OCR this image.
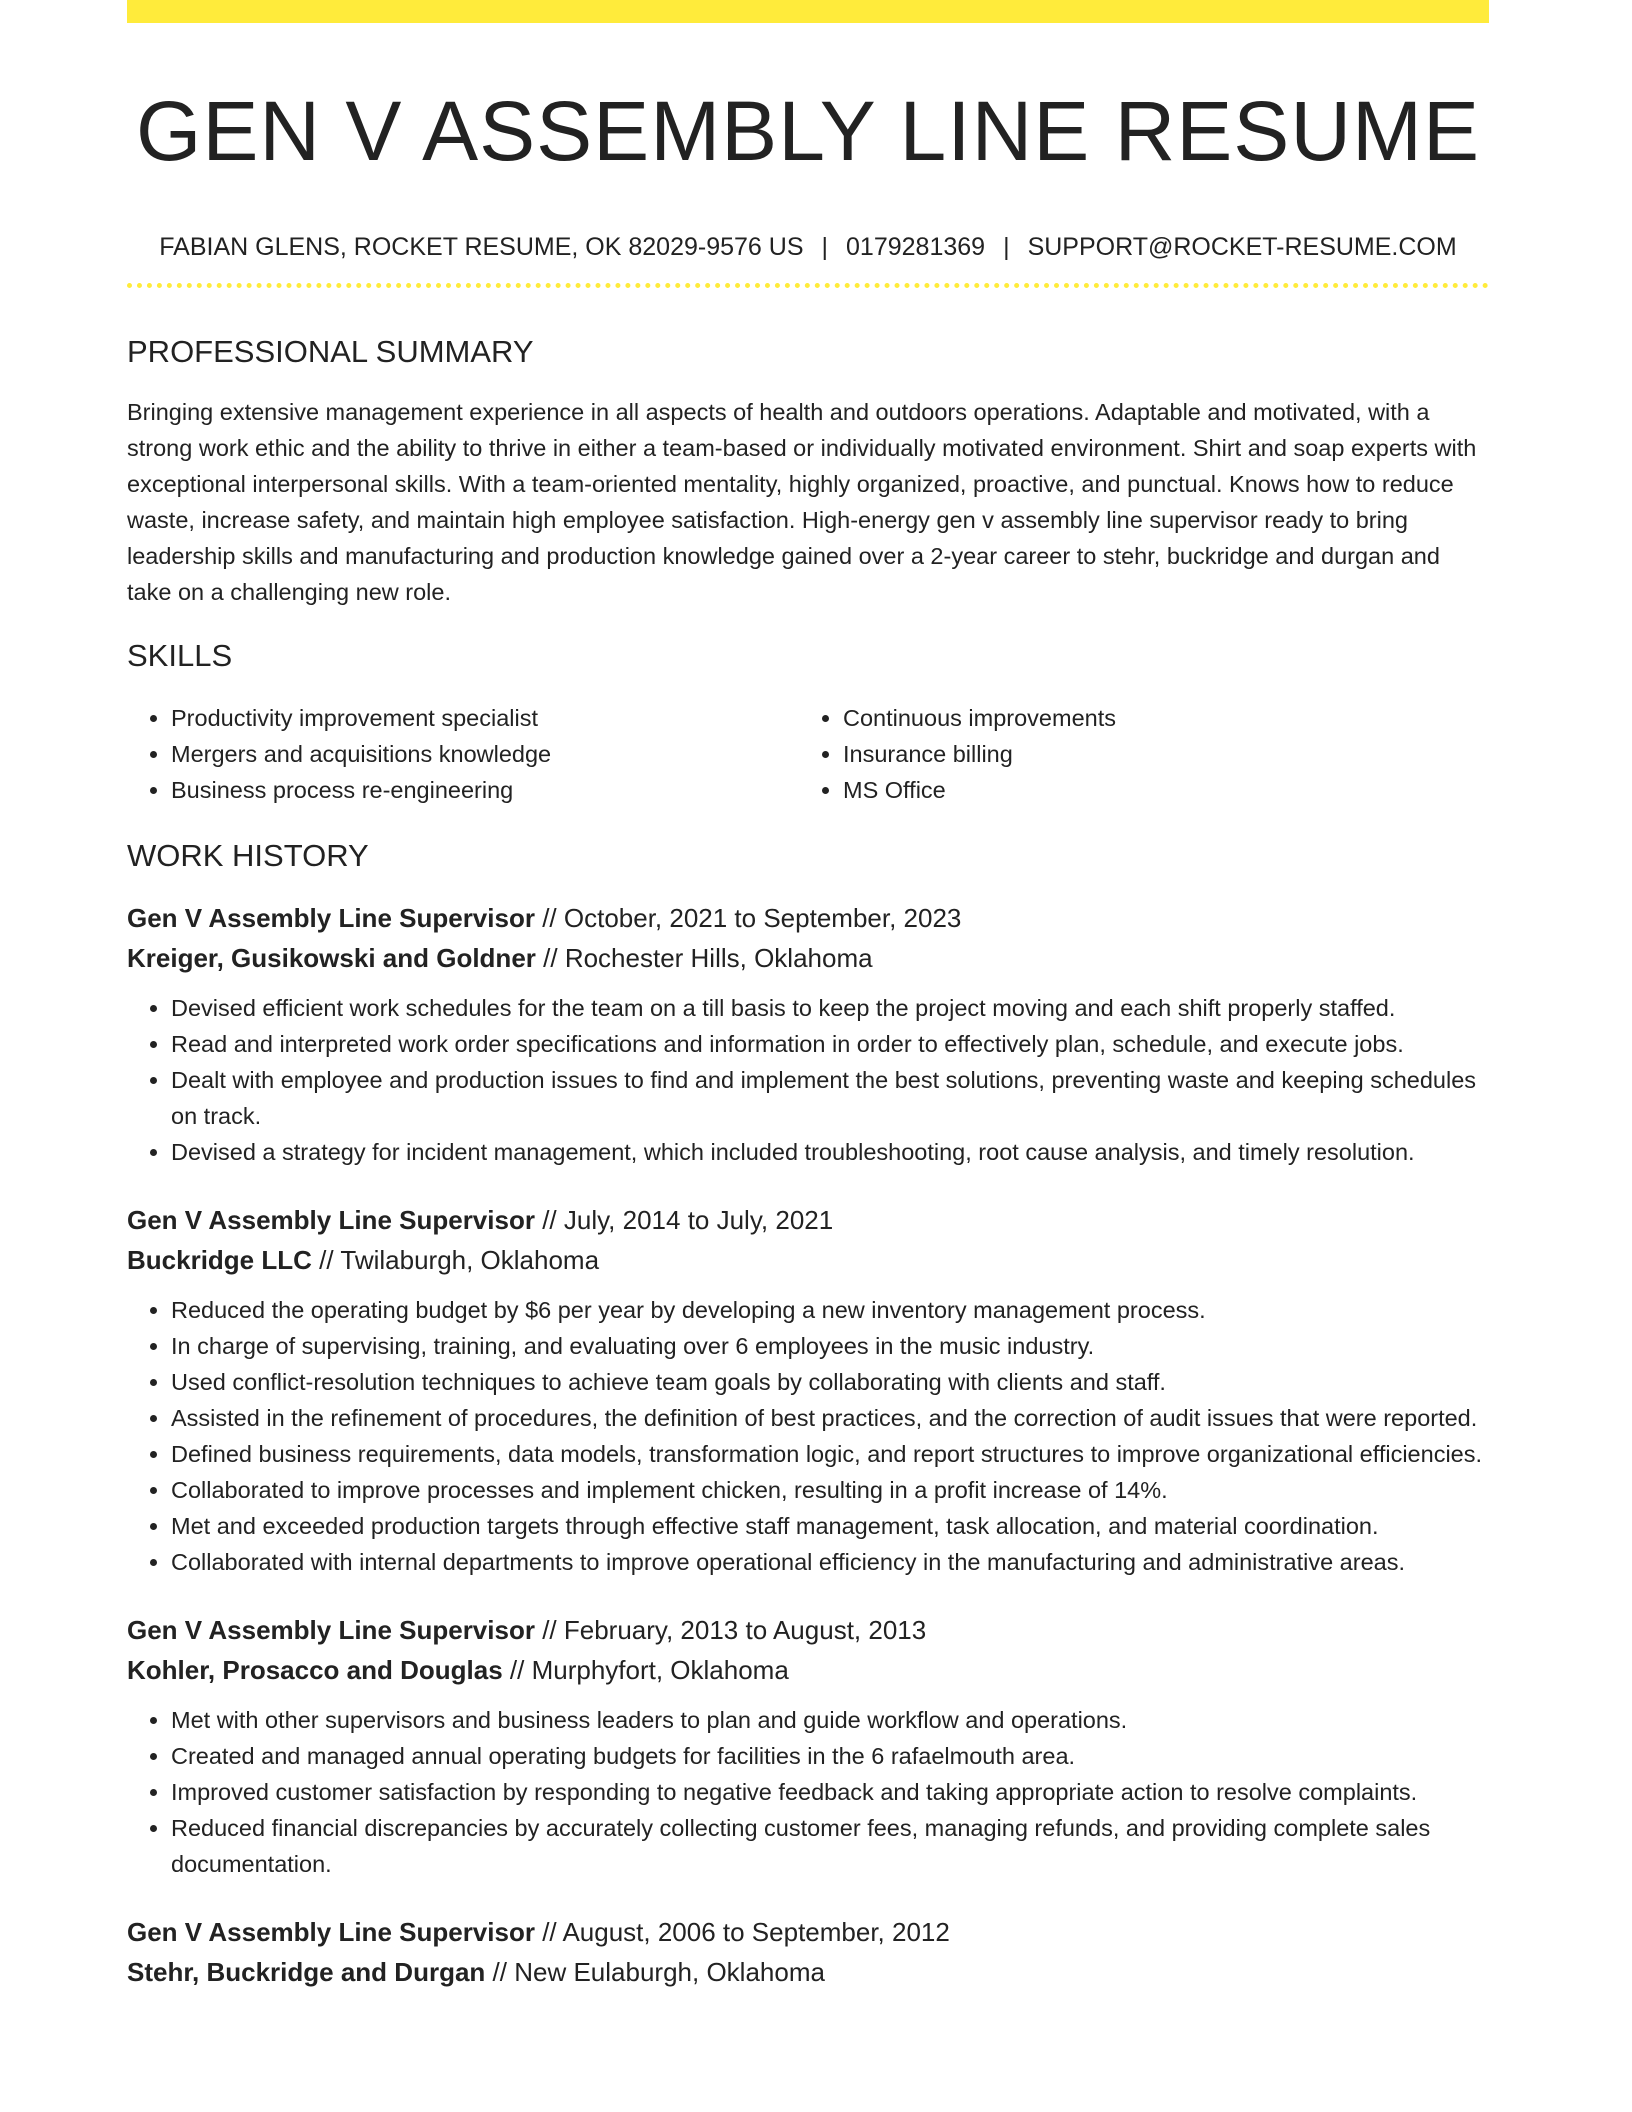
GEN V ASSEMBLY LINE RESUME
FABIAN GLENS, ROCKET RESUME, OK 82029-9576 US | 0179281369 | SUPPORT@ROCKET-RESUME.COM
PROFESSIONAL SUMMARY

Bringing extensive management experience in all aspects of health and outdoors operations. Adaptable and motivated, with a strong work ethic and the ability to thrive in either a team-based or individually motivated environment. Shirt and soap experts with exceptional interpersonal skills. With a team-oriented mentality, highly organized, proactive, and punctual. Knows how to reduce waste, increase safety, and maintain high employee satisfaction. High-energy gen v assembly line supervisor ready to bring leadership skills and manufacturing and production knowledge gained over a 2-year career to stehr, buckridge and durgan and take on a challenging new role.

SKILLS
• Productivity improvement specialist
• Mergers and acquisitions knowledge
• Business process re-engineering
• Continuous improvements
• Insurance billing
• MS Office
WORK HISTORY
Gen V Assembly Line Supervisor // October, 2021 to September, 2023
Kreiger, Gusikowski and Goldner // Rochester Hills, Oklahoma
• Devised efficient work schedules for the team on a till basis to keep the project moving and each shift properly staffed.
• Read and interpreted work order specifications and information in order to effectively plan, schedule, and execute jobs.
• Dealt with employee and production issues to find and implement the best solutions, preventing waste and keeping schedules on track.
• Devised a strategy for incident management, which included troubleshooting, root cause analysis, and timely resolution.
Gen V Assembly Line Supervisor // July, 2014 to July, 2021
Buckridge LLC // Twilaburgh, Oklahoma
• Reduced the operating budget by $6 per year by developing a new inventory management process.
• In charge of supervising, training, and evaluating over 6 employees in the music industry.
• Used conflict-resolution techniques to achieve team goals by collaborating with clients and staff.
• Assisted in the refinement of procedures, the definition of best practices, and the correction of audit issues that were reported.
• Defined business requirements, data models, transformation logic, and report structures to improve organizational efficiencies.
• Collaborated to improve processes and implement chicken, resulting in a profit increase of 14%.
• Met and exceeded production targets through effective staff management, task allocation, and material coordination.
• Collaborated with internal departments to improve operational efficiency in the manufacturing and administrative areas.
Gen V Assembly Line Supervisor // February, 2013 to August, 2013
Kohler, Prosacco and Douglas // Murphyfort, Oklahoma
• Met with other supervisors and business leaders to plan and guide workflow and operations.
• Created and managed annual operating budgets for facilities in the 6 rafaelmouth area.
• Improved customer satisfaction by responding to negative feedback and taking appropriate action to resolve complaints.
• Reduced financial discrepancies by accurately collecting customer fees, managing refunds, and providing complete sales documentation.
Gen V Assembly Line Supervisor // August, 2006 to September, 2012
Stehr, Buckridge and Durgan // New Eulaburgh, Oklahoma
